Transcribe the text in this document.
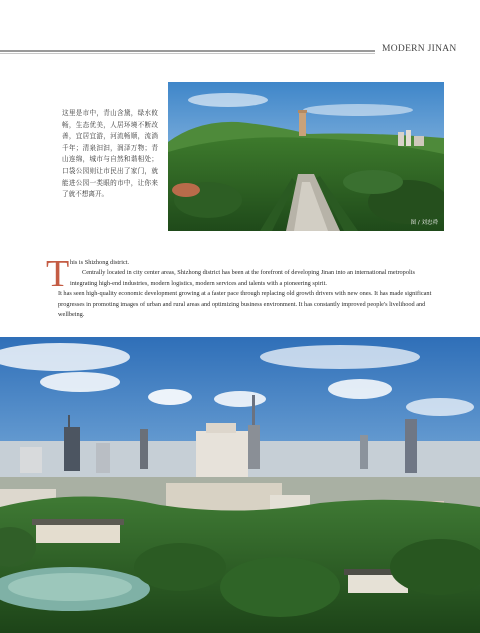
MODERN JINAN
这里是市中，青山含黛，绿水攸畅，生态优美，人居环境不断改善，宜居宜游，河流畅顺，流淌千年；清泉汩汩，润泽万物；青山连绵，城市与自然和谐相处；口袋公园则让市民出了家门，就能进公园一类眼的市中，让你来了就不想离开。
图 / 刘忠舜
T his is Shizhong district.
Centrally located in city center areas, Shizhong district has been at the forefront of developing Jinan into an international metropolis
integrating high-end industries, modern logistics, modern services and talents with a pioneering spirit.
It has seen high-quality economic development growing at a faster pace through replacing old growth drivers with new ones. It has made significant progresses in promoting images of urban and rural areas and optimizing business environment. It has constantly improved people's livelihood and wellbeing.
